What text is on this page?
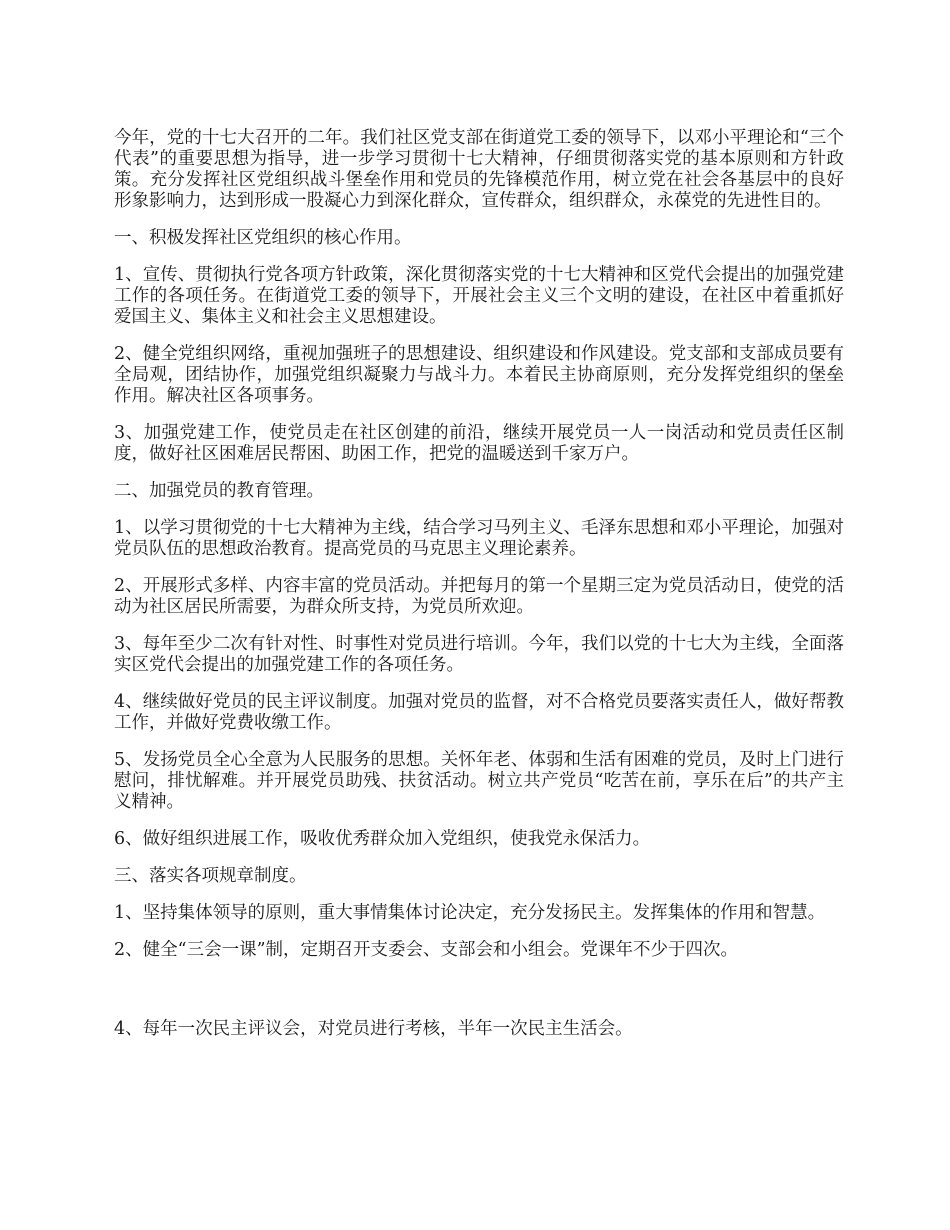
今年，党的十七大召开的二年。我们社区党支部在街道党工委的领导下，以邓小平理论和“三个代表”的重要思想为指导，进一步学习贯彻十七大精神，仔细贯彻落实党的基本原则和方针政策。充分发挥社区党组织战斗堡垒作用和党员的先锋模范作用，树立党在社会各基层中的良好形象影响力，达到形成一股凝心力到深化群众，宣传群众，组织群众，永葆党的先进性目的。

一、积极发挥社区党组织的核心作用。

1、宣传、贯彻执行党各项方针政策，深化贯彻落实党的十七大精神和区党代会提出的加强党建工作的各项任务。在街道党工委的领导下，开展社会主义三个文明的建设，在社区中着重抓好爱国主义、集体主义和社会主义思想建设。

2、健全党组织网络，重视加强班子的思想建设、组织建设和作风建设。党支部和支部成员要有全局观，团结协作，加强党组织凝聚力与战斗力。本着民主协商原则，充分发挥党组织的堡垒作用。解决社区各项事务。

3、加强党建工作，使党员走在社区创建的前沿，继续开展党员一人一岗活动和党员责任区制度，做好社区困难居民帮困、助困工作，把党的温暖送到千家万户。

二、加强党员的教育管理。

1、以学习贯彻党的十七大精神为主线，结合学习马列主义、毛泽东思想和邓小平理论，加强对党员队伍的思想政治教育。提高党员的马克思主义理论素养。

2、开展形式多样、内容丰富的党员活动。并把每月的第一个星期三定为党员活动日，使党的活动为社区居民所需要，为群众所支持，为党员所欢迎。

3、每年至少二次有针对性、时事性对党员进行培训。今年，我们以党的十七大为主线，全面落实区党代会提出的加强党建工作的各项任务。

4、继续做好党员的民主评议制度。加强对党员的监督，对不合格党员要落实责任人，做好帮教工作，并做好党费收缴工作。

5、发扬党员全心全意为人民服务的思想。关怀年老、体弱和生活有困难的党员，及时上门进行慰问，排忧解难。并开展党员助残、扶贫活动。树立共产党员“吃苦在前，享乐在后”的共产主义精神。

6、做好组织进展工作，吸收优秀群众加入党组织，使我党永保活力。

三、落实各项规章制度。

1、坚持集体领导的原则，重大事情集体讨论决定，充分发扬民主。发挥集体的作用和智慧。

2、健全“三会一课”制，定期召开支委会、支部会和小组会。党课年不少于四次。

4、每年一次民主评议会，对党员进行考核，半年一次民主生活会。
